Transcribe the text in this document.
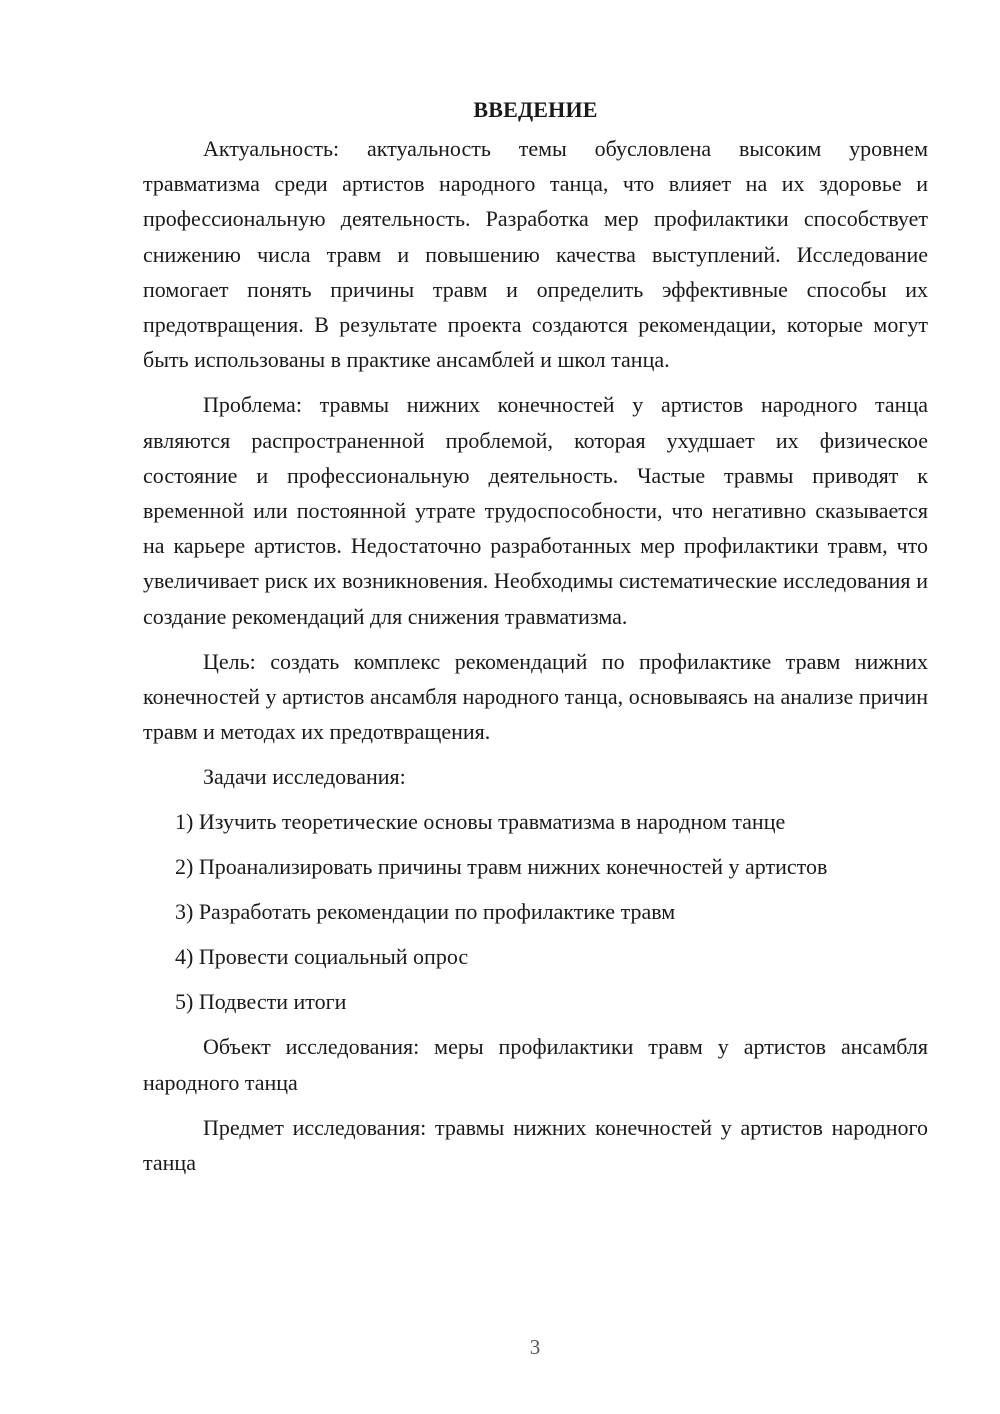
ВВЕДЕНИЕ

Актуальность: актуальность темы обусловлена высоким уровнем травматизма среди артистов народного танца, что влияет на их здоровье и профессиональную деятельность. Разработка мер профилактики способствует снижению числа травм и повышению качества выступлений. Исследование помогает понять причины травм и определить эффективные способы их предотвращения. В результате проекта создаются рекомендации, которые могут быть использованы в практике ансамблей и школ танца.

Проблема: травмы нижних конечностей у артистов народного танца являются распространенной проблемой, которая ухудшает их физическое состояние и профессиональную деятельность. Частые травмы приводят к временной или постоянной утрате трудоспособности, что негативно сказывается на карьере артистов. Недостаточно разработанных мер профилактики травм, что увеличивает риск их возникновения. Необходимы систематические исследования и создание рекомендаций для снижения травматизма.

Цель: создать комплекс рекомендаций по профилактике травм нижних конечностей у артистов ансамбля народного танца, основываясь на анализе причин травм и методах их предотвращения.

Задачи исследования:
1) Изучить теоретические основы травматизма в народном танце
2) Проанализировать причины травм нижних конечностей у артистов
3) Разработать рекомендации по профилактике травм
4) Провести социальный опрос
5) Подвести итоги

Объект исследования: меры профилактики травм у артистов ансамбля народного танца

Предмет исследования: травмы нижних конечностей у артистов народного танца

3
